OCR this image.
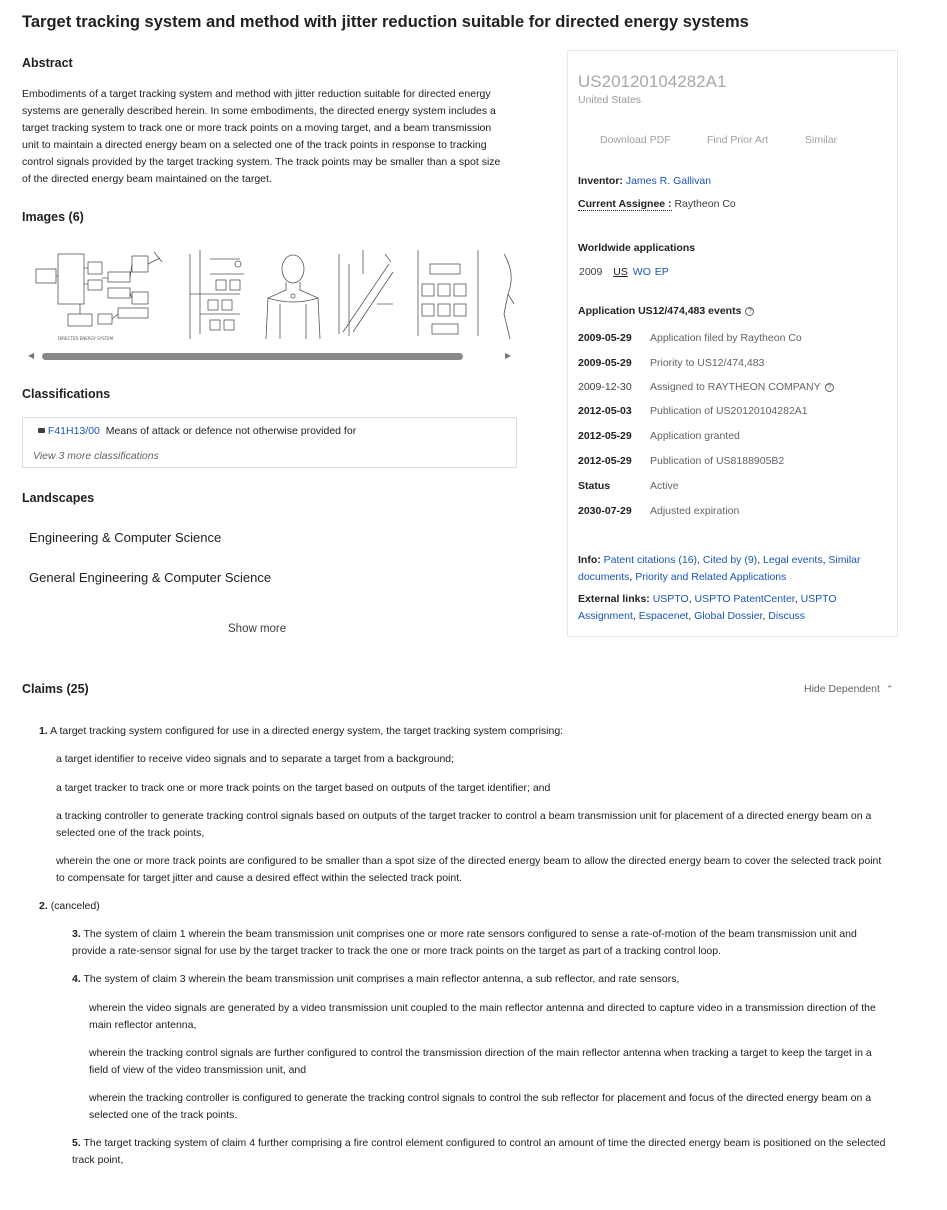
Target tracking system and method with jitter reduction suitable for directed energy systems
Abstract
Embodiments of a target tracking system and method with jitter reduction suitable for directed energy systems are generally described herein. In some embodiments, the directed energy system includes a target tracking system to track one or more track points on a moving target, and a beam transmission unit to maintain a directed energy beam on a selected one of the track points in response to tracking control signals provided by the target tracking system. The track points may be smaller than a spot size of the directed energy beam maintained on the target.
Images (6)
DIRECTED ENERGY SYSTEM
◀	▶
Classifications
F41H13/00 Means of attack or defence not otherwise provided for
View 3 more classifications
Landscapes
Engineering & Computer Science
General Engineering & Computer Science
Show more
US20120104282A1
United States
Download PDF	Find Prior Art	Similar
Inventor: James R. Gallivan
Current Assignee : Raytheon Co
Worldwide applications
2009 US WO EP
Application US12/474,483 events ?
2009-05-29 Application filed by Raytheon Co
2009-05-29 Priority to US12/474,483
2009-12-30 Assigned to RAYTHEON COMPANY ?
2012-05-03 Publication of US20120104282A1
2012-05-29 Application granted
2012-05-29 Publication of US8188905B2
Status	Active
2030-07-29 Adjusted expiration
Info: Patent citations (16), Cited by (9), Legal events, Similar documents, Priority and Related Applications
External links: USPTO, USPTO PatentCenter, USPTO Assignment, Espacenet, Global Dossier, Discuss
Claims (25)	Hide Dependent ⌃
1. A target tracking system configured for use in a directed energy system, the target tracking system comprising:
a target identifier to receive video signals and to separate a target from a background;
a target tracker to track one or more track points on the target based on outputs of the target identifier; and
a tracking controller to generate tracking control signals based on outputs of the target tracker to control a beam transmission unit for placement of a directed energy beam on a selected one of the track points,
wherein the one or more track points are configured to be smaller than a spot size of the directed energy beam to allow the directed energy beam to cover the selected track point to compensate for target jitter and cause a desired effect within the selected track point.
2. (canceled)
3. The system of claim 1 wherein the beam transmission unit comprises one or more rate sensors configured to sense a rate-of-motion of the beam transmission unit and provide a rate-sensor signal for use by the target tracker to track the one or more track points on the target as part of a tracking control loop.
4. The system of claim 3 wherein the beam transmission unit comprises a main reflector antenna, a sub reflector, and rate sensors,
wherein the video signals are generated by a video transmission unit coupled to the main reflector antenna and directed to capture video in a transmission direction of the main reflector antenna,
wherein the tracking control signals are further configured to control the transmission direction of the main reflector antenna when tracking a target to keep the target in a field of view of the video transmission unit, and
wherein the tracking controller is configured to generate the tracking control signals to control the sub reflector for placement and focus of the directed energy beam on a selected one of the track points.
5. The target tracking system of claim 4 further comprising a fire control element configured to control an amount of time the directed energy beam is positioned on the selected track point,
